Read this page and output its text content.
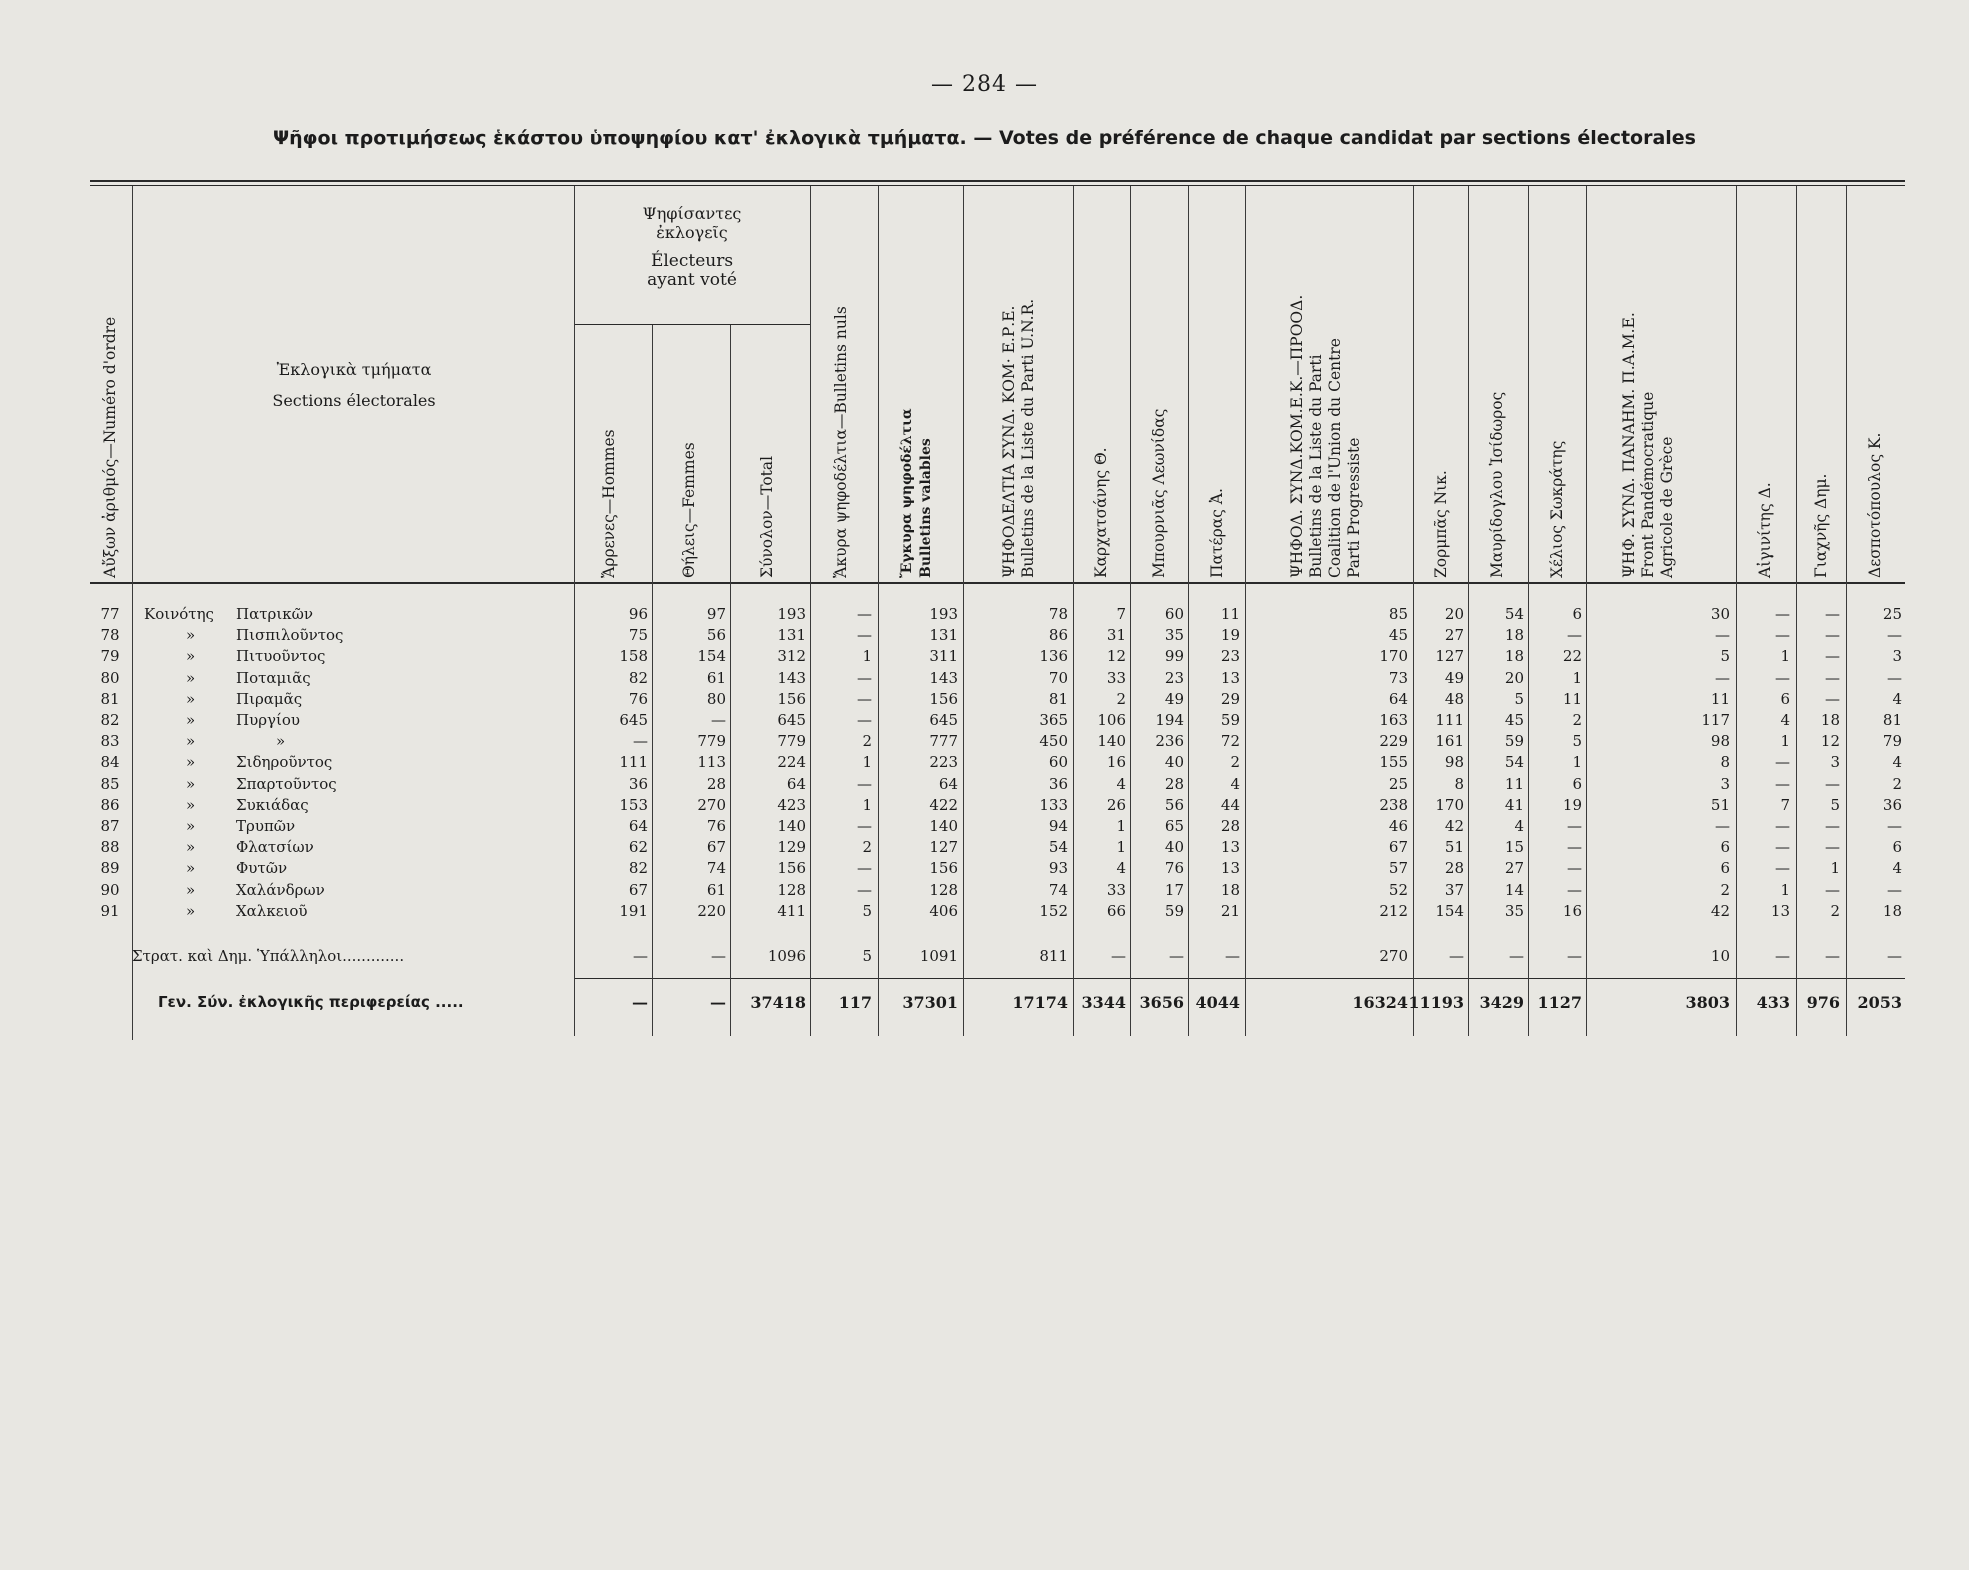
— 284 —
Ψῆφοι προτιμήσεως ἑκάστου ὑποψηφίου κατ' ἐκλογικὰ τμήματα. — Votes de préférence de chaque candidat par sections électorales
Αὔξων ἀριθμός—Numéro d'ordre	Ἐκλογικὰ τμήματα
Sections électorales
Ψηφίσαντες
ἐκλογεῖς
Électeurs
ayant voté
Ἄρρενες—Hommes	Θήλεις—Femmes	Σύνολον—Total	Ἄκυρα ψηφοδέλτια—Bulletins nuls	Ἔγκυρα ψηφοδέλτια Bulletins valables	ΨΗΦΟΔΕΛΤΙΑ ΣΥΝΔ. ΚΟΜ· Ε.Ρ.Ε. Bulletins de la Liste du Parti U.N.R.	Καρχατσάνης Θ.	Μπουρνιᾶς Λεωνίδας	Πατέρας Ἀ.	ΨΗΦΟΔ. ΣΥΝΔ.ΚΟΜ.Ε.Κ.—ΠΡΟΟΔ. Bulletins de la Liste du Parti Coalition de l'Union du Centre Parti Progressiste	Ζορμπᾶς Νικ. Μαυρίδογλου Ἰσίδωρος	Χέλιος Σωκράτης	ΨΗΦ. ΣΥΝΔ. ΠΑΝΑΗΜ. Π.Α.Μ.Ε. Front Pandémocratique Agricole de Grèce	Αἰγινίτης Δ. Γιαχνῆς Δημ. Δεσποτόπουλος Κ.
77	Κοινότης Πατρικῶν	96	97	193	—	193	78	7	60	11	85	20	54	6	30	—	—	25
78	»	Πισπιλοῦντος	75	56	131	—	131	86	31	35	19	45	27	18	—	—	—	—	—
79	»	Πιτυοῦντος	158	154	312	1	311	136	12	99	23	170	127	18	22	5	1	—	3
80	»	Ποταμιᾶς	82	61	143	—	143	70	33	23	13	73	49	20	1	—	—	—	—
81	»	Πιραμᾶς	76	80	156	—	156	81	2	49	29	64	48	5	11	11	6	—	4
82	»	Πυργίου	645	—	645	—	645	365	106	194	59	163	111	45	2	117	4	18	81
83	»	»	—	779	779	2	777	450	140	236	72	229	161	59	5	98	1	12	79
84	»	Σιδηροῦντος	111	113	224	1	223	60	16	40	2	155	98	54	1	8	—	3	4
85	»	Σπαρτοῦντος	36	28	64	—	64	36	4	28	4	25	8	11	6	3	—	—	2
86	»	Συκιάδας	153	270	423	1	422	133	26	56	44	238	170	41	19	51	7	5	36
87	»	Τρυπῶν	64	76	140	—	140	94	1	65	28	46	42	4	—	—	—	—	—
88	»	Φλατσίων	62	67	129	2	127	54	1	40	13	67	51	15	—	6	—	—	6
89	»	Φυτῶν	82	74	156	—	156	93	4	76	13	57	28	27	—	6	—	1	4
90	»	Χαλάνδρων	67	61	128	—	128	74	33	17	18	52	37	14	—	2	1	—	—
91	»	Χαλκειοῦ	191	220	411	5	406	152	66	59	21	212	154	35	16	42	13	2	18
Στρατ. καὶ Δημ. Ὑπάλληλοι.............	—	—	1096	5	1091	811	—	—	—	270	—	—	—	10	—	—	—
Γεν. Σύν. ἐκλογικῆς περιφερείας .....	—	—	37418	117	37301	17174 3344 3656 4044	16324 11193 3429 1127	3803	433	976	2053
